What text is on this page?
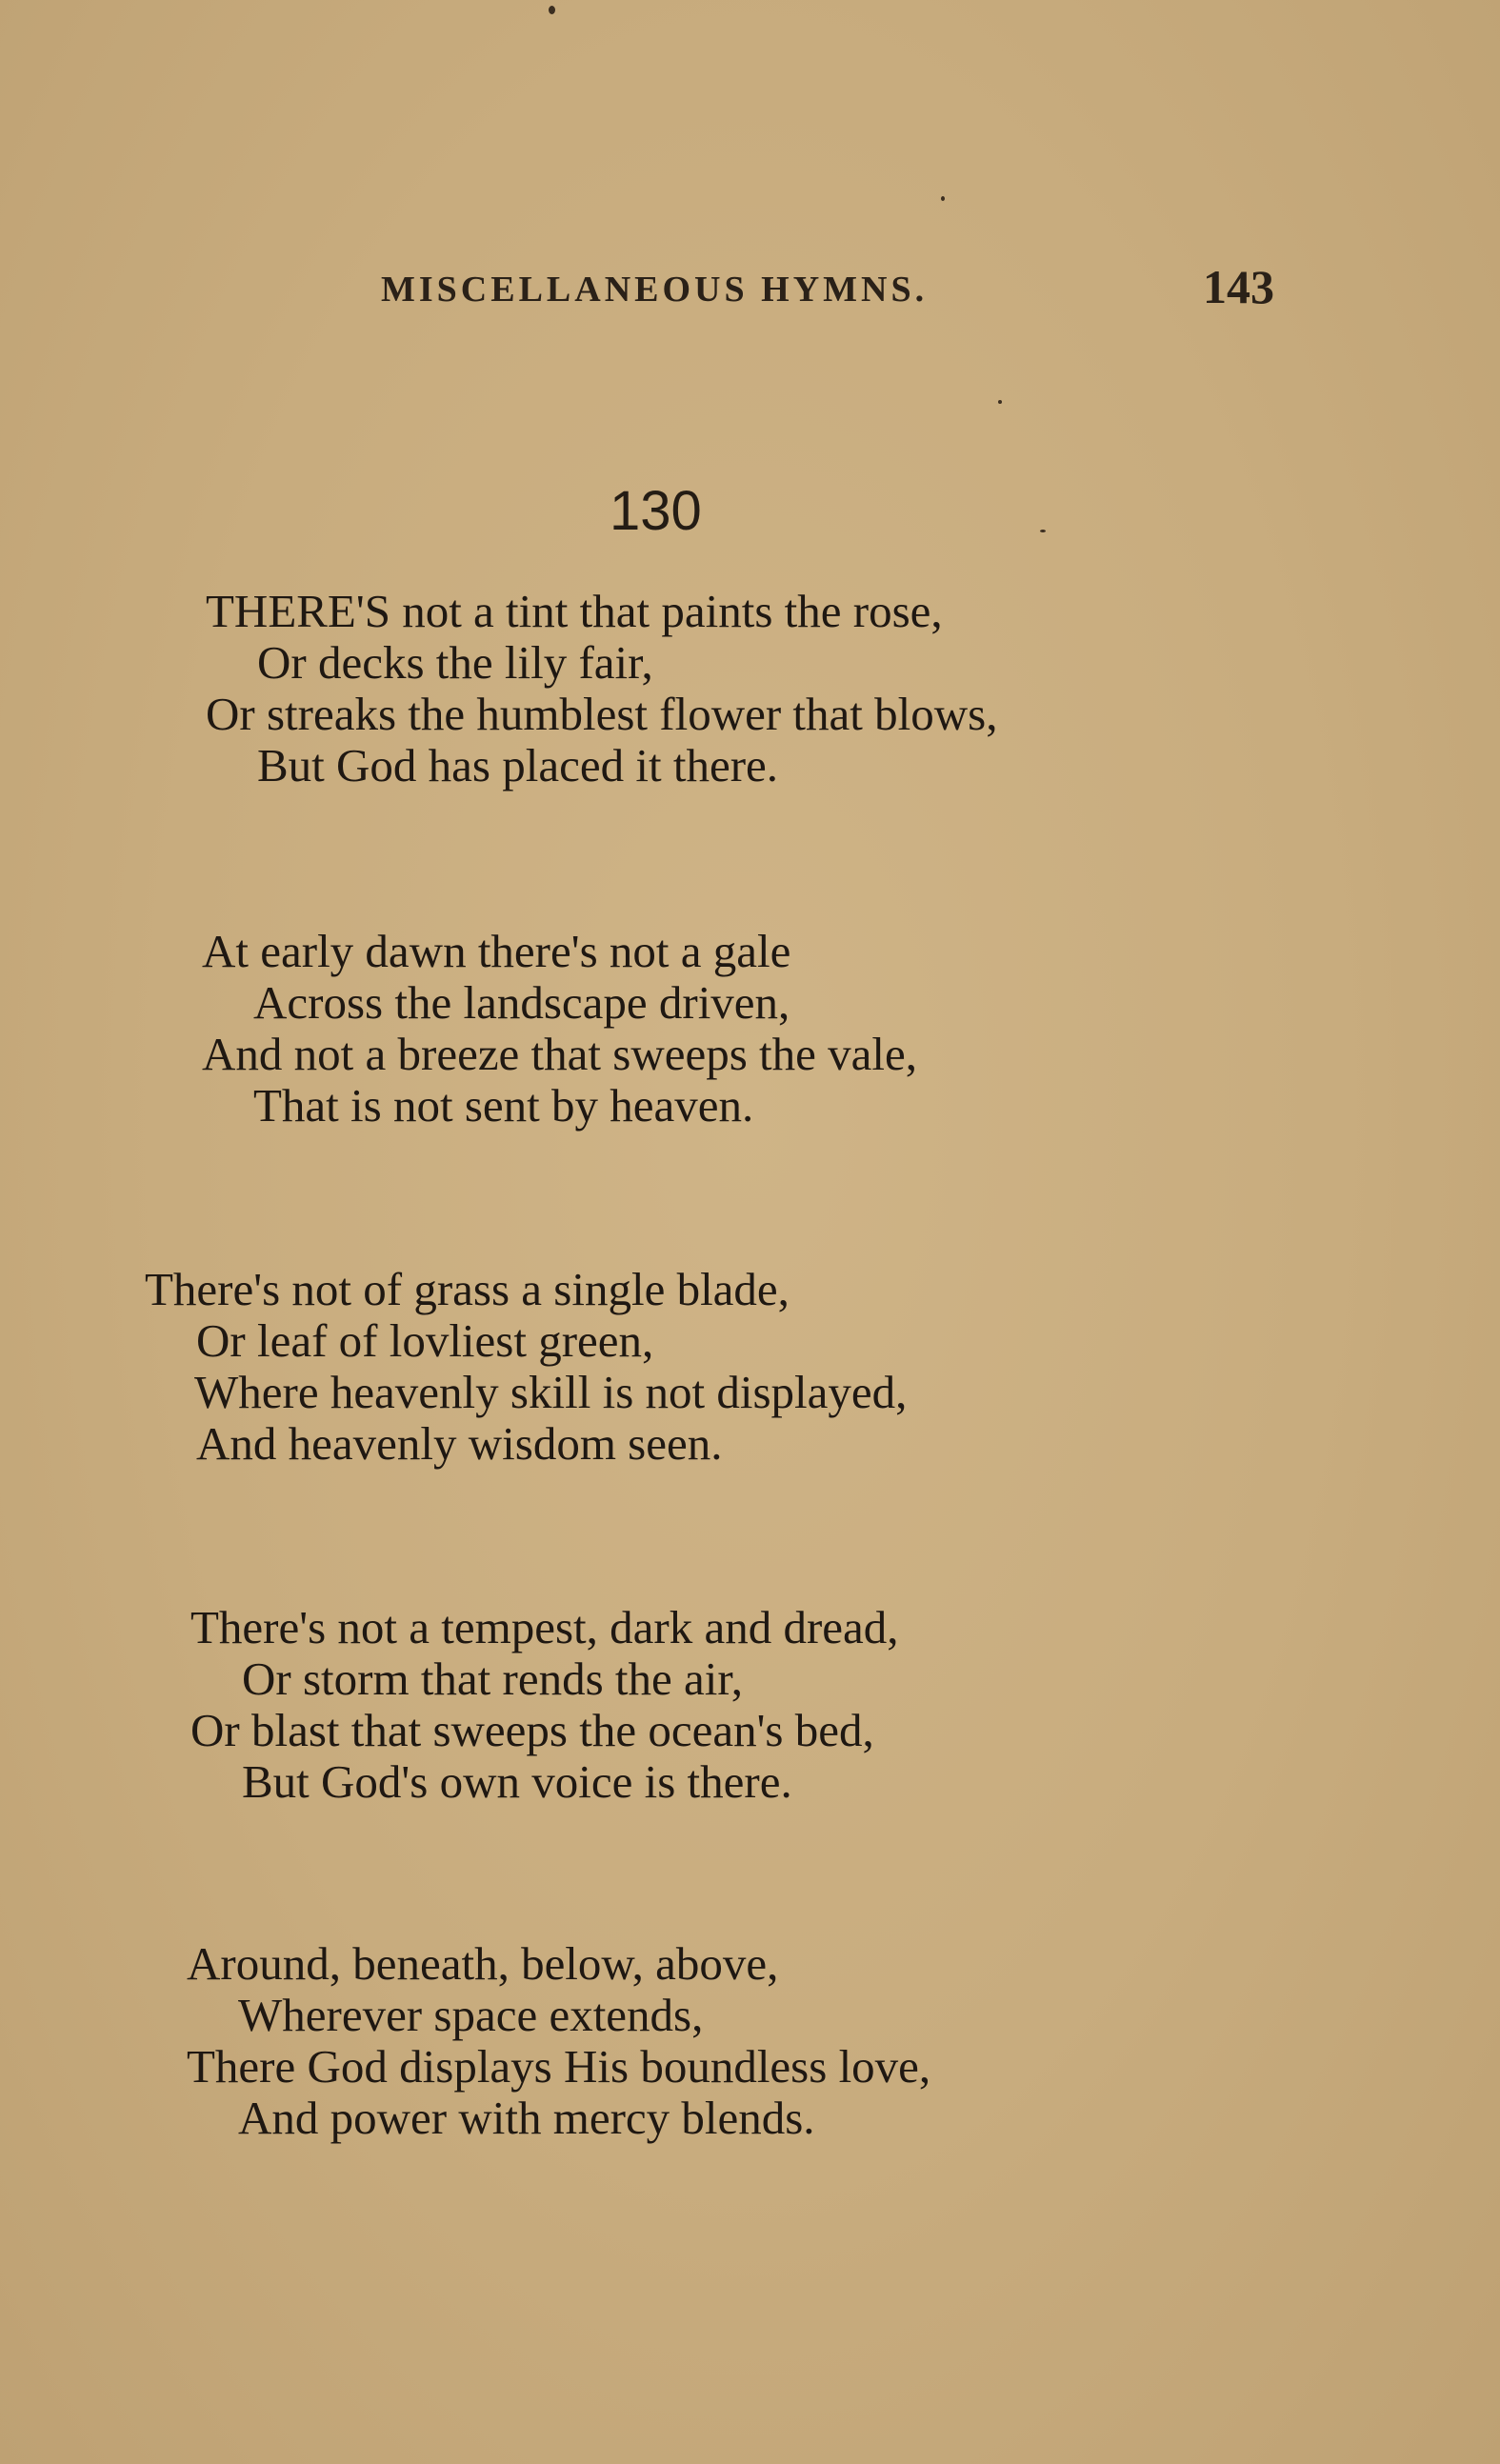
MISCELLANEOUS HYMNS.	143
130
THERE'S not a tint that paints the rose,
Or decks the lily fair,
Or streaks the humblest flower that blows,
But God has placed it there.
At early dawn there's not a gale
Across the landscape driven,
And not a breeze that sweeps the vale,
That is not sent by heaven.
There's not of grass a single blade,
Or leaf of lovliest green,
Where heavenly skill is not displayed,
And heavenly wisdom seen.
There's not a tempest, dark and dread,
Or storm that rends the air,
Or blast that sweeps the ocean's bed,
But God's own voice is there.
Around, beneath, below, above,
Wherever space extends,
There God displays His boundless love,
And power with mercy blends.
